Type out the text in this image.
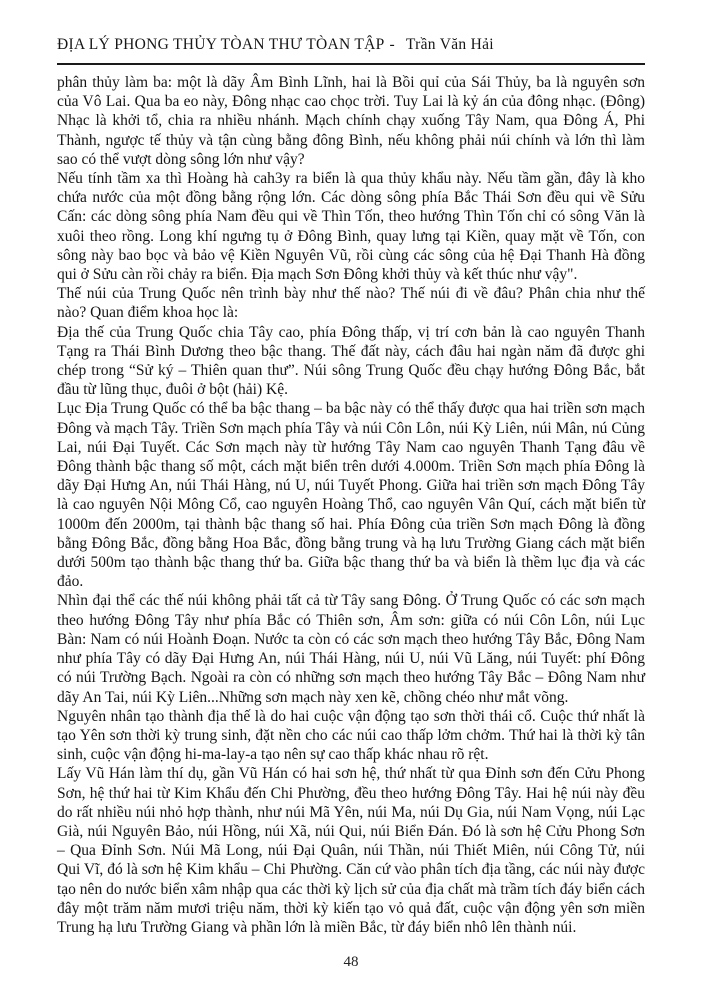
ĐỊA LÝ PHONG THỦY TÒAN THƯ TÒAN TẬP - Trần Văn Hải

phân thủy làm ba: một là dãy Âm Bình Lĩnh, hai là Bồi quỉ của Sái Thủy, ba là nguyên sơn của Vô Lai. Qua ba eo này, Đông nhạc cao chọc trời. Tuy Lai là kỷ án của đông nhạc. (Đông) Nhạc là khởi tổ, chia ra nhiều nhánh. Mạch chính chạy xuống Tây Nam, qua Đông Á, Phi Thành, ngược tế thủy và tận cùng bằng đông Bình, nếu không phải núi chính và lớn thì làm sao có thể vượt dòng sông lớn như vậy?

Nếu tính tầm xa thì Hoàng hà cah3y ra biển là qua thủy khẩu này. Nếu tầm gần, đây là kho chứa nước của một đồng bằng rộng lớn. Các dòng sông phía Bắc Thái Sơn đều qui về Sửu Cấn: các dòng sông phía Nam đều qui về Thìn Tốn, theo hướng Thìn Tốn chỉ có sông Văn là xuôi theo rồng. Long khí ngưng tụ ở Đông Bình, quay lưng tại Kiền, quay mặt về Tốn, con sông này bao bọc và bảo vệ Kiền Nguyên Vũ, rồi cùng các sông của hệ Đại Thanh Hà đồng qui ở Sửu càn rồi chảy ra biển. Địa mạch Sơn Đông khởi thủy và kết thúc như vậy".

Thế núi của Trung Quốc nên trình bày như thế nào? Thế núi đi về đâu? Phân chia như thế nào? Quan điểm khoa học là:

Địa thế của Trung Quốc chia Tây cao, phía Đông thấp, vị trí cơn bản là cao nguyên Thanh Tạng ra Thái Bình Dương theo bậc thang. Thế đất này, cách đâu hai ngàn năm đã được ghi chép trong “Sử ký – Thiên quan thư”. Núi sông Trung Quốc đều chạy hướng Đông Bắc, bắt đầu từ lũng thục, đuôi ở bột (hải) Kệ.

Lục Địa Trung Quốc có thể ba bậc thang – ba bậc này có thể thấy được qua hai triền sơn mạch Đông và mạch Tây. Triền Sơn mạch phía Tây và núi Côn Lôn, núi Kỳ Liên, núi Mân, nú Củng Lai, núi Đại Tuyết. Các Sơn mạch này từ hướng Tây Nam cao nguyên Thanh Tạng đâu về Đông thành bậc thang số một, cách mặt biển trên dưới 4.000m. Triền Sơn mạch phía Đông là dãy Đại Hưng An, núi Thái Hàng, nú U, núi Tuyết Phong. Giữa hai triền sơn mạch Đông Tây là cao nguyên Nội Mông Cổ, cao nguyên Hoàng Thổ, cao nguyên Vân Quí, cách mặt biển từ 1000m đến 2000m, tại thành bậc thang số hai. Phía Đông của triền Sơn mạch Đông là đồng bằng Đông Bắc, đồng bằng Hoa Bắc, đồng bằng trung và hạ lưu Trường Giang cách mặt biển dưới 500m tạo thành bậc thang thứ ba. Giữa bậc thang thứ ba và biển là thềm lục địa và các đảo.

Nhìn đại thể các thế núi không phải tất cả từ Tây sang Đông. Ở Trung Quốc có các sơn mạch theo hướng Đông Tây như phía Bắc có Thiên sơn, Âm sơn: giữa có núi Côn Lôn, núi Lục Bàn: Nam có núi Hoành Đoạn. Nước ta còn có các sơn mạch theo hướng Tây Bắc, Đông Nam như phía Tây có dãy Đại Hưng An, núi Thái Hàng, núi U, núi Vũ Lăng, núi Tuyết: phí Đông có núi Trường Bạch. Ngoài ra còn có những sơn mạch theo hướng Tây Bắc – Đông Nam như dãy An Tai, núi Kỳ Liên...Những sơn mạch này xen kẽ, chồng chéo như mắt võng.

Nguyên nhân tạo thành địa thế là do hai cuộc vận động tạo sơn thời thái cổ. Cuộc thứ nhất là tạo Yên sơn thời kỳ trung sinh, đặt nền cho các núi cao thấp lởm chởm. Thứ hai là thời kỳ tân sinh, cuộc vận động hi-ma-lay-a tạo nên sự cao thấp khác nhau rõ rệt.

Lấy Vũ Hán làm thí dụ, gần Vũ Hán có hai sơn hệ, thứ nhất từ qua Đỉnh sơn đến Cửu Phong Sơn, hệ thứ hai từ Kim Khẩu đến Chi Phường, đều theo hướng Đông Tây. Hai hệ núi này đều do rất nhiều núi nhỏ hợp thành, như núi Mã Yên, núi Ma, núi Dụ Gia, núi Nam Vọng, núi Lạc Già, núi Nguyên Bảo, núi Hồng, núi Xã, núi Qui, núi Biển Đán. Đó là sơn hệ Cửu Phong Sơn – Qua Đỉnh Sơn. Núi Mã Long, núi Đại Quân, núi Thần, núi Thiết Miên, núi Công Tử, núi Qui Vĩ, đó là sơn hệ Kim khẩu – Chi Phường. Căn cứ vào phân tích địa tầng, các núi này được tạo nên do nước biển xâm nhập qua các thời kỳ lịch sử của địa chất mà trầm tích đáy biển cách đây một trăm năm mươi triệu năm, thời kỳ kiến tạo vỏ quả đất, cuộc vận động yên sơn miền Trung hạ lưu Trường Giang và phần lớn là miền Bắc, từ đáy biển nhô lên thành núi.

48
